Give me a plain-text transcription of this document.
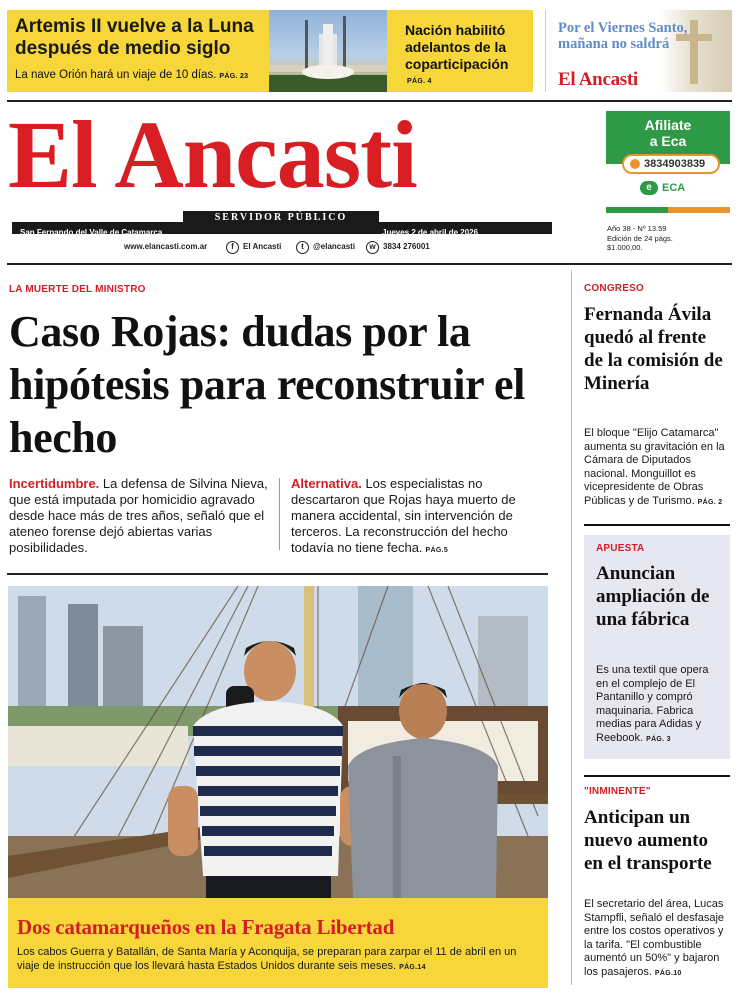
Artemis II vuelve a la Luna después de medio siglo
La nave Orión hará un viaje de 10 días. PÁG. 23
Nación habilitó adelantos de la coparticipación
PÁG. 4
Por el Viernes Santo, mañana no saldrá
El Ancasti
El Ancasti
San Fernando del Valle de Catamarca	Jueves 2 de abril de 2026
SERVIDOR PÚBLICO
www.elancasti.com.ar	f	El Ancasti	t	@elancasti	w 3834 276001
Afiliate
a Eca
3834903839
e ECA
Año 38 - Nº 13.59
Edición de 24 págs.
$1.000,00.
LA MUERTE DEL MINISTRO
Caso Rojas: dudas por la hipótesis para reconstruir el hecho
Incertidumbre. La defensa de Silvina Nieva, que está imputada por homicidio agravado desde hace más de tres años, señaló que el ateneo forense dejó abiertas varias posibilidades.
Alternativa. Los especialistas no descartaron que Rojas haya muerto de manera accidental, sin intervención de terceros. La reconstrucción del hecho todavía no tiene fecha. PÁG.5
Dos catamarqueños en la Fragata Libertad
Los cabos Guerra y Batallán, de Santa María y Aconquija, se preparan para zarpar el 11 de abril en un viaje de instrucción que los llevará hasta Estados Unidos durante seis meses. PÁG.14
CONGRESO
Fernanda Ávila quedó al frente de la comisión de Minería
El bloque "Elijo Catamarca" aumenta su gravitación en la Cámara de Diputados nacional. Monguillot es vicepresidente de Obras Públicas y de Turismo. PÁG. 2
APUESTA
Anuncian ampliación de una fábrica
Es una textil que opera en el complejo de El Pantanillo y compró maquinaria. Fabrica medias para Adidas y Reebook. PÁG. 3
"INMINENTE"
Anticipan un nuevo aumento en el transporte
El secretario del área, Lucas Stampfli, señaló el desfasaje entre los costos operativos y la tarifa. "El combustible aumentó un 50%" y bajaron los pasajeros. PÁG.10
